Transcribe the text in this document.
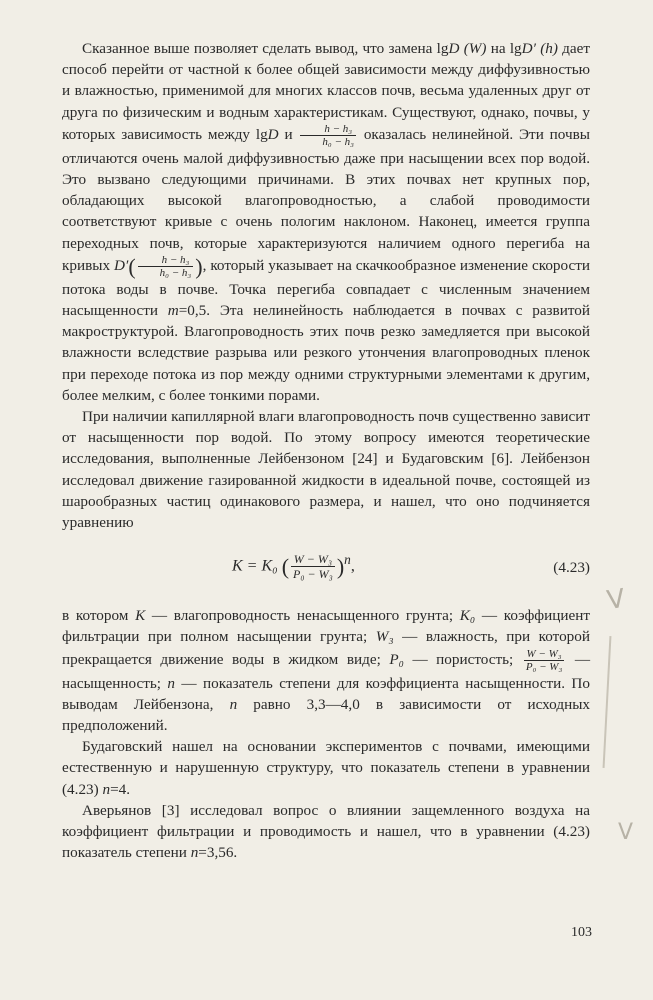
Сказанное выше позволяет сделать вывод, что замена lgD (W) на lgD′ (h) дает способ перейти от частной к более общей зависимости между диффузивностью и влажностью, применимой для многих классов почв, весьма удаленных друг от друга по физическим и водным характеристикам. Существуют, однако, почвы, у которых зависимость между lgD и $\frac{\text{h − h₃}}{\text{h₀ − h₃}}$ оказалась нелинейной. Эти почвы отличаются очень малой диффузивностью даже при насыщении всех пор водой. Это вызвано следующими причинами. В этих почвах нет крупных пор, обладающих высокой влагопроводностью, а слабой проводимости соответствуют кривые с очень пологим наклоном. Наконец, имеется группа переходных почв, которые характеризуются наличием одного перегиба на кривых $D'( \frac{\text{h − h₃}}{\text{h₀ − h₃}}$ ), который указывает на скачкообразное изменение скорости потока воды в почве. Точка перегиба совпадает с численным значением насыщенности m=0,5. Эта нелинейность наблюдается в почвах с развитой макроструктурой. Влагопроводность этих почв резко замедляется при высокой влажности вследствие разрыва или резкого утончения влагопроводных пленок при переходе потока из пор между одними структурными элементами к другим, более мелким, с более тонкими порами.

При наличии капиллярной влаги влагопроводность почв существенно зависит от насыщенности пор водой. По этому вопросу имеются теоретические исследования, выполненные Лейбензоном [24] и Будаговским [6]. Лейбензон исследовал движение газированной жидкости в идеальной почве, состоящей из шарообразных частиц одинакового размера, и нашел, что оно подчиняется уравнению

K = K₀ ( $\frac{\text{W − W₃}}{\text{P₀ − W₃}} )^n$,	(4.23)

в котором K — влагопроводность ненасыщенного грунта; K₀ — коэффициент фильтрации при полном насыщении грунта; W₃ — влажность, при которой прекращается движение воды в жидком виде; P₀ — пористость; $\frac{\text{W − W₃}}{\text{P₀ − W₃}}$ — насыщенность; n — показатель степени для коэффициента насыщенности. По выводам Лейбензона, n равно 3,3—4,0 в зависимости от исходных предположений.

Будаговский нашел на основании экспериментов с почвами, имеющими естественную и нарушенную структуру, что показатель степени в уравнении (4.23) n=4.

Аверьянов [3] исследовал вопрос о влиянии защемленного воздуха на коэффициент фильтрации и проводимость и нашел, что в уравнении (4.23) показатель степени n=3,56.

V
V
103
